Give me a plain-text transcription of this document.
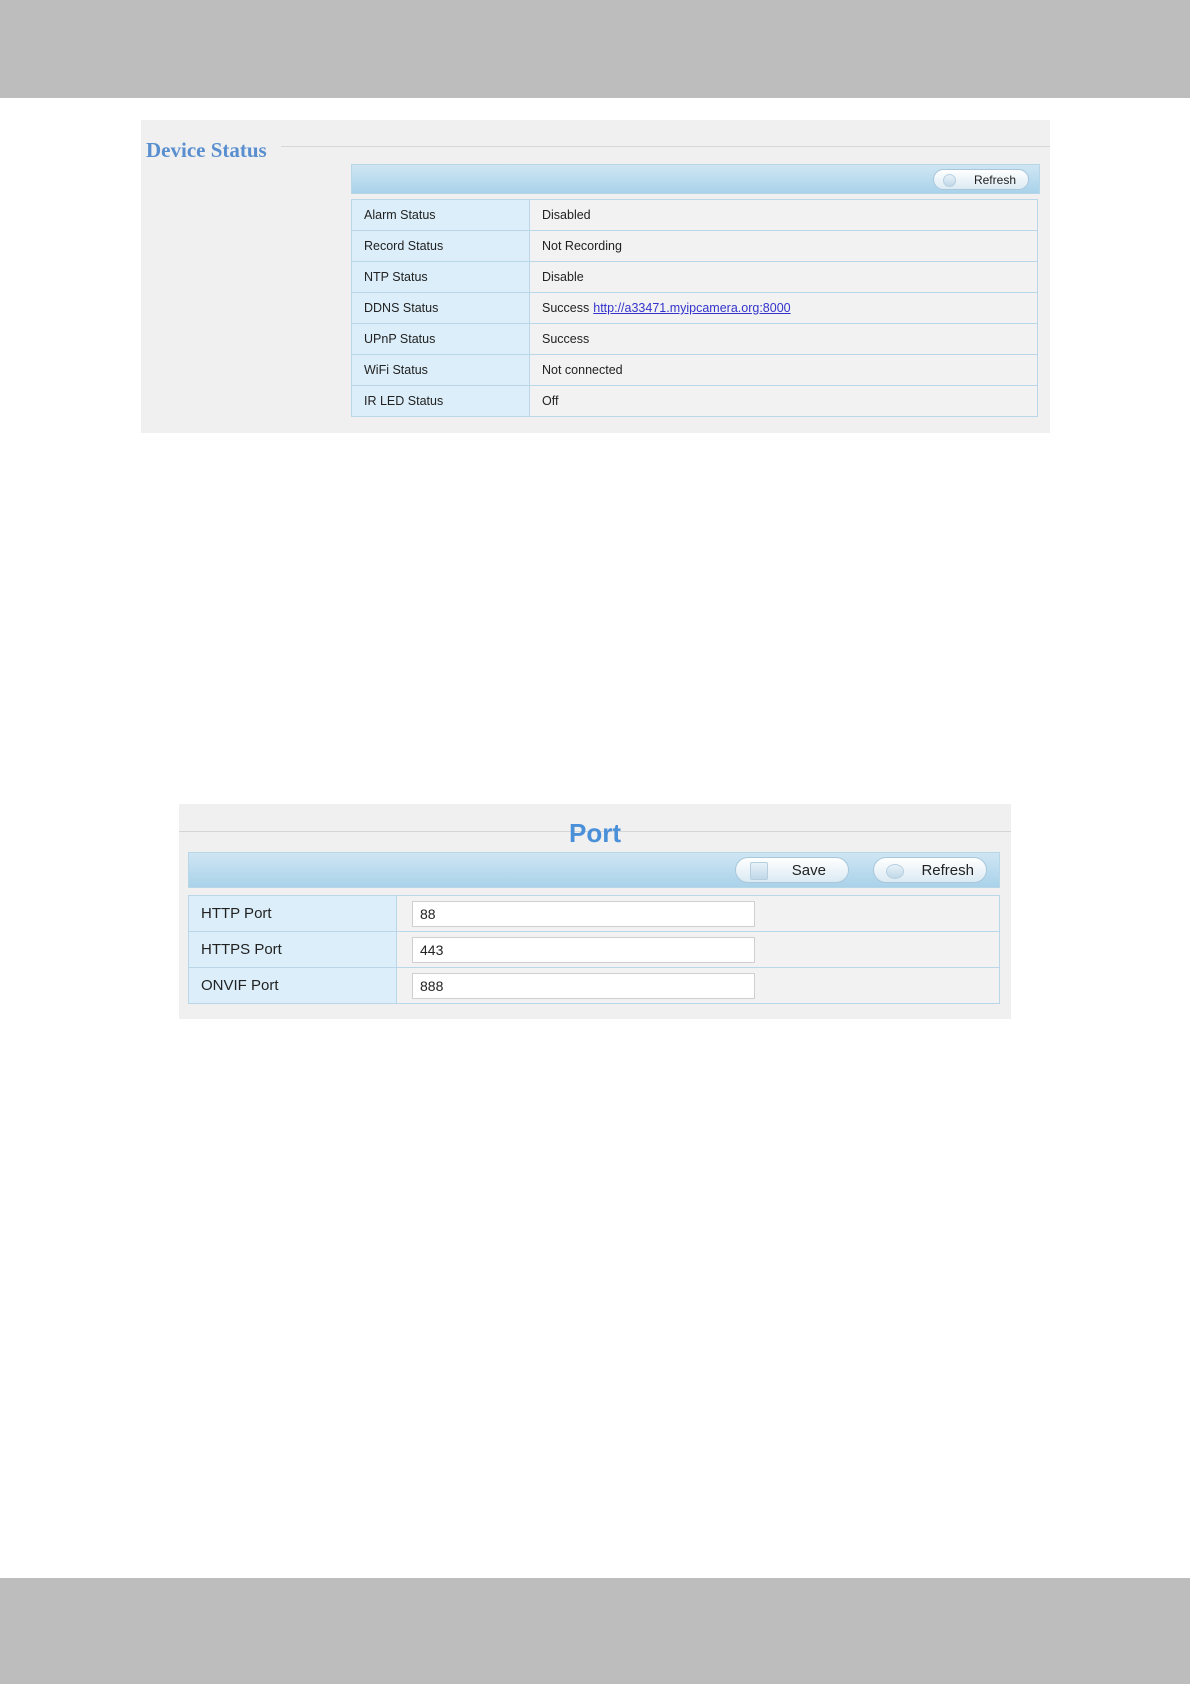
Device Status
Refresh
Alarm Status	Disabled
Record Status	Not Recording
NTP Status	Disable
DDNS Status	Success http://a33471.myipcamera.org:8000
UPnP Status	Success
WiFi Status	Not connected
IR LED Status	Off
Port
Save	Refresh
HTTP Port	88
HTTPS Port	443
ONVIF Port	888
